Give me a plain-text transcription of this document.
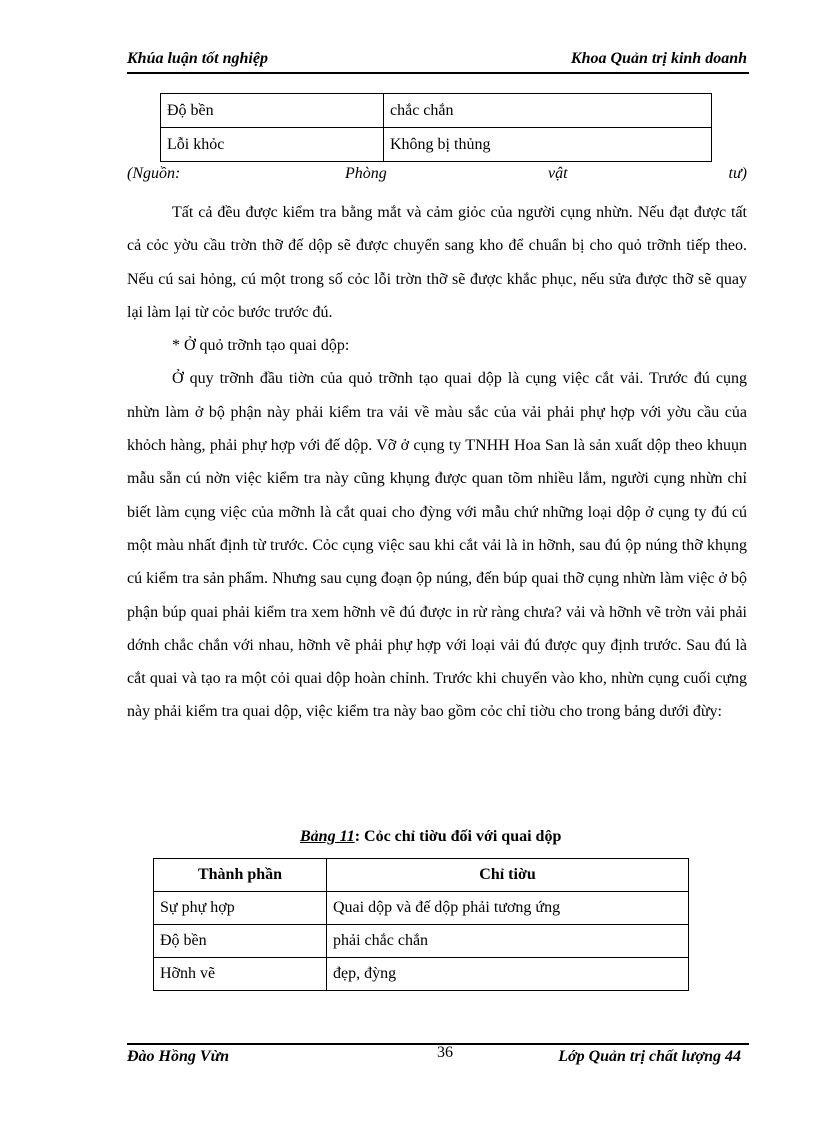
Khúa luận tốt nghiệp	Khoa Quản trị kinh doanh
Độ bền	chắc chắn
Lỗi khỏc	Không bị thủng
(Nguồn:	Phòng	vật	tư)

Tất cả đều được kiểm tra bằng mắt và cảm giỏc của người cụng nhừn. Nếu đạt được tất cả cỏc yờu cầu trờn thỡ đế dộp sẽ được chuyển sang kho để chuẩn bị cho quỏ trỡnh tiếp theo. Nếu cú sai hỏng, cú một trong số cỏc lỗi trờn thỡ sẽ được khắc phục, nếu sửa được thỡ sẽ quay lại làm lại từ cỏc bước trước đú.

* Ở quỏ trỡnh tạo quai dộp:

Ở quy trỡnh đầu tiờn của quỏ trỡnh tạo quai dộp là cụng việc cắt vải. Trước đú cụng nhừn làm ở bộ phận này phải kiểm tra vải về màu sắc của vải phải phự hợp với yờu cầu của khỏch hàng, phải phự hợp với đế dộp. Vỡ ở cụng ty TNHH Hoa San là sản xuất dộp theo khuụn mẫu sẵn cú nờn việc kiểm tra này cũng khụng được quan tõm nhiều lắm, người cụng nhừn chỉ biết làm cụng việc của mỡnh là cắt quai cho đỳng với mẫu chứ những loại dộp ở cụng ty đú cú một màu nhất định từ trước. Cỏc cụng việc sau khi cắt vải là in hỡnh, sau đú ộp núng thỡ khụng cú kiểm tra sản phẩm. Nhưng sau cụng đoạn ộp núng, đến búp quai thỡ cụng nhừn làm việc ở bộ phận búp quai phải kiểm tra xem hỡnh vẽ đú được in rừ ràng chưa? vải và hỡnh vẽ trờn vải phải dớnh chắc chắn với nhau, hỡnh vẽ phải phự hợp với loại vải đú được quy định trước. Sau đú là cắt quai và tạo ra một cỏi quai dộp hoàn chỉnh. Trước khi chuyển vào kho, nhừn cụng cuối cựng này phải kiểm tra quai dộp, việc kiểm tra này bao gồm cỏc chỉ tiờu cho trong bảng dưới đừy:

Bảng 11: Cỏc chỉ tiờu đối với quai dộp
Thành phần	Chỉ tiờu
Sự phự hợp	Quai dộp và đế dộp phải tương ứng
Độ bền	phải chắc chắn
Hỡnh vẽ	đẹp, đỳng
Đào Hồng Vừn	36	Lớp Quản trị chất lượng 44
